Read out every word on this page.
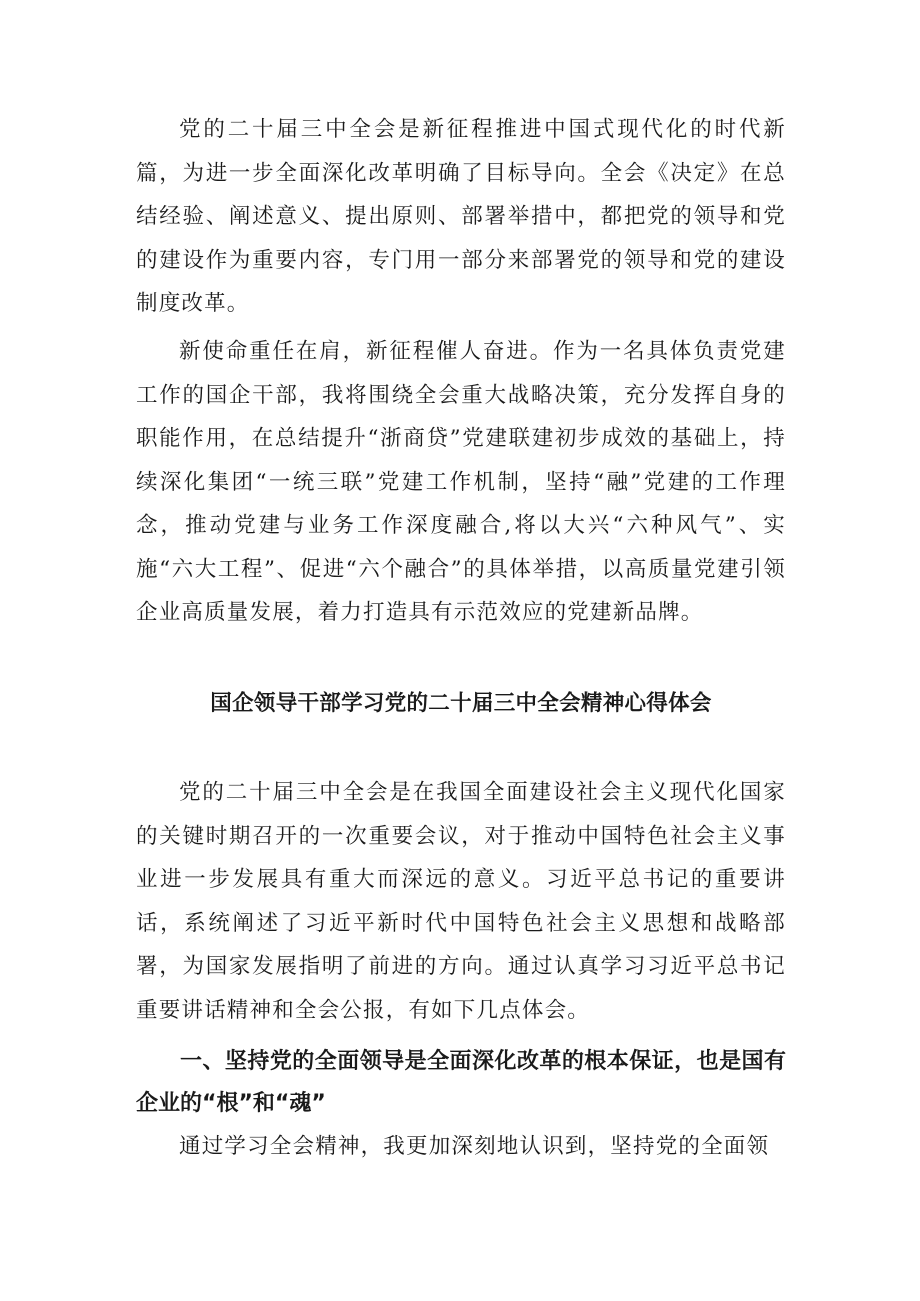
党的二十届三中全会是新征程推进中国式现代化的时代新篇，为进一步全面深化改革明确了目标导向。全会《决定》在总结经验、阐述意义、提出原则、部署举措中，都把党的领导和党的建设作为重要内容，专门用一部分来部署党的领导和党的建设制度改革。

新使命重任在肩，新征程催人奋进。作为一名具体负责党建工作的国企干部，我将围绕全会重大战略决策，充分发挥自身的职能作用，在总结提升“浙商贷”党建联建初步成效的基础上，持续深化集团“一统三联”党建工作机制，坚持“融”党建的工作理念，推动党建与业务工作深度融合,将以大兴“六种风气”、实施“六大工程”、促进“六个融合”的具体举措，以高质量党建引领企业高质量发展，着力打造具有示范效应的党建新品牌。

国企领导干部学习党的二十届三中全会精神心得体会

党的二十届三中全会是在我国全面建设社会主义现代化国家的关键时期召开的一次重要会议，对于推动中国特色社会主义事业进一步发展具有重大而深远的意义。习近平总书记的重要讲话，系统阐述了习近平新时代中国特色社会主义思想和战略部署，为国家发展指明了前进的方向。通过认真学习习近平总书记重要讲话精神和全会公报，有如下几点体会。

一、坚持党的全面领导是全面深化改革的根本保证，也是国有企业的“根”和“魂”

通过学习全会精神，我更加深刻地认识到，坚持党的全面领
